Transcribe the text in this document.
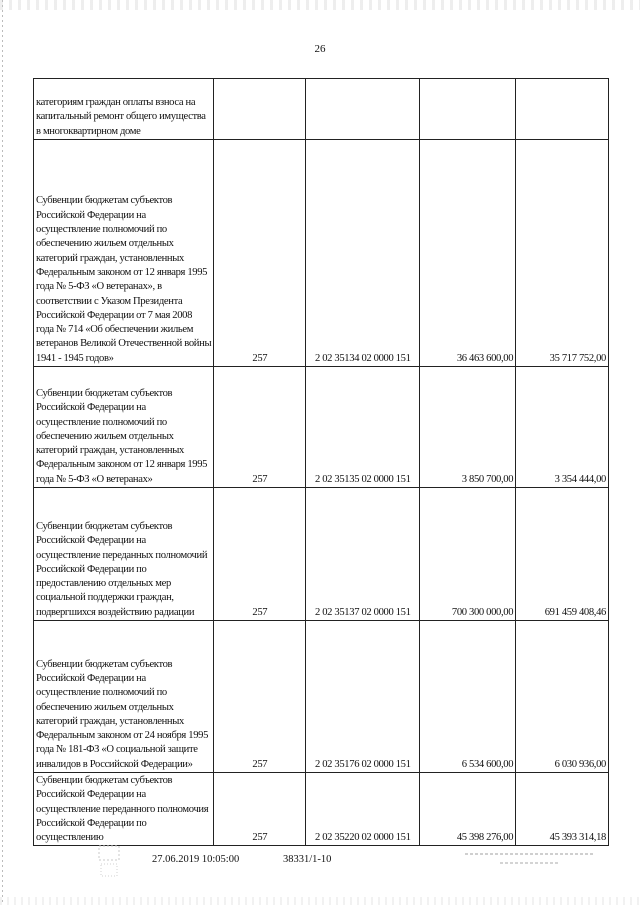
26
категориям граждан оплаты взноса на капитальный ремонт общего имущества в многоквартирном доме				

Субвенции бюджетам субъектов Российской Федерации на осуществление полномочий по обеспечению жильем отдельных категорий граждан, установленных Федеральным законом от 12 января 1995 года № 5-ФЗ «О ветеранах», в соответствии с Указом Президента Российской Федерации от 7 мая 2008 года № 714 «Об обеспечении жильем ветеранов Великой Отечественной войны 1941 - 1945 годов»	257	2 02 35134 02 0000 151	36 463 600,00	35 717 752,00

Субвенции бюджетам субъектов Российской Федерации на осуществление полномочий по обеспечению жильем отдельных категорий граждан, установленных Федеральным законом от 12 января 1995 года № 5-ФЗ «О ветеранах»	257	2 02 35135 02 0000 151	3 850 700,00	3 354 444,00

Субвенции бюджетам субъектов Российской Федерации на осуществление переданных полномочий Российской Федерации по предоставлению отдельных мер социальной поддержки граждан, подвергшихся воздействию радиации	257	2 02 35137 02 0000 151	700 300 000,00	691 459 408,46

Субвенции бюджетам субъектов Российской Федерации на осуществление полномочий по обеспечению жильем отдельных категорий граждан, установленных Федеральным законом от 24 ноября 1995 года № 181-ФЗ «О социальной защите инвалидов в Российской Федерации»	257	2 02 35176 02 0000 151	6 534 600,00	6 030 936,00

Субвенции бюджетам субъектов Российской Федерации на осуществление переданного полномочия Российской Федерации по осуществлению	257	2 02 35220 02 0000 151	45 398 276,00	45 393 314,18
27.06.2019 10:05:00	38331/1-10
